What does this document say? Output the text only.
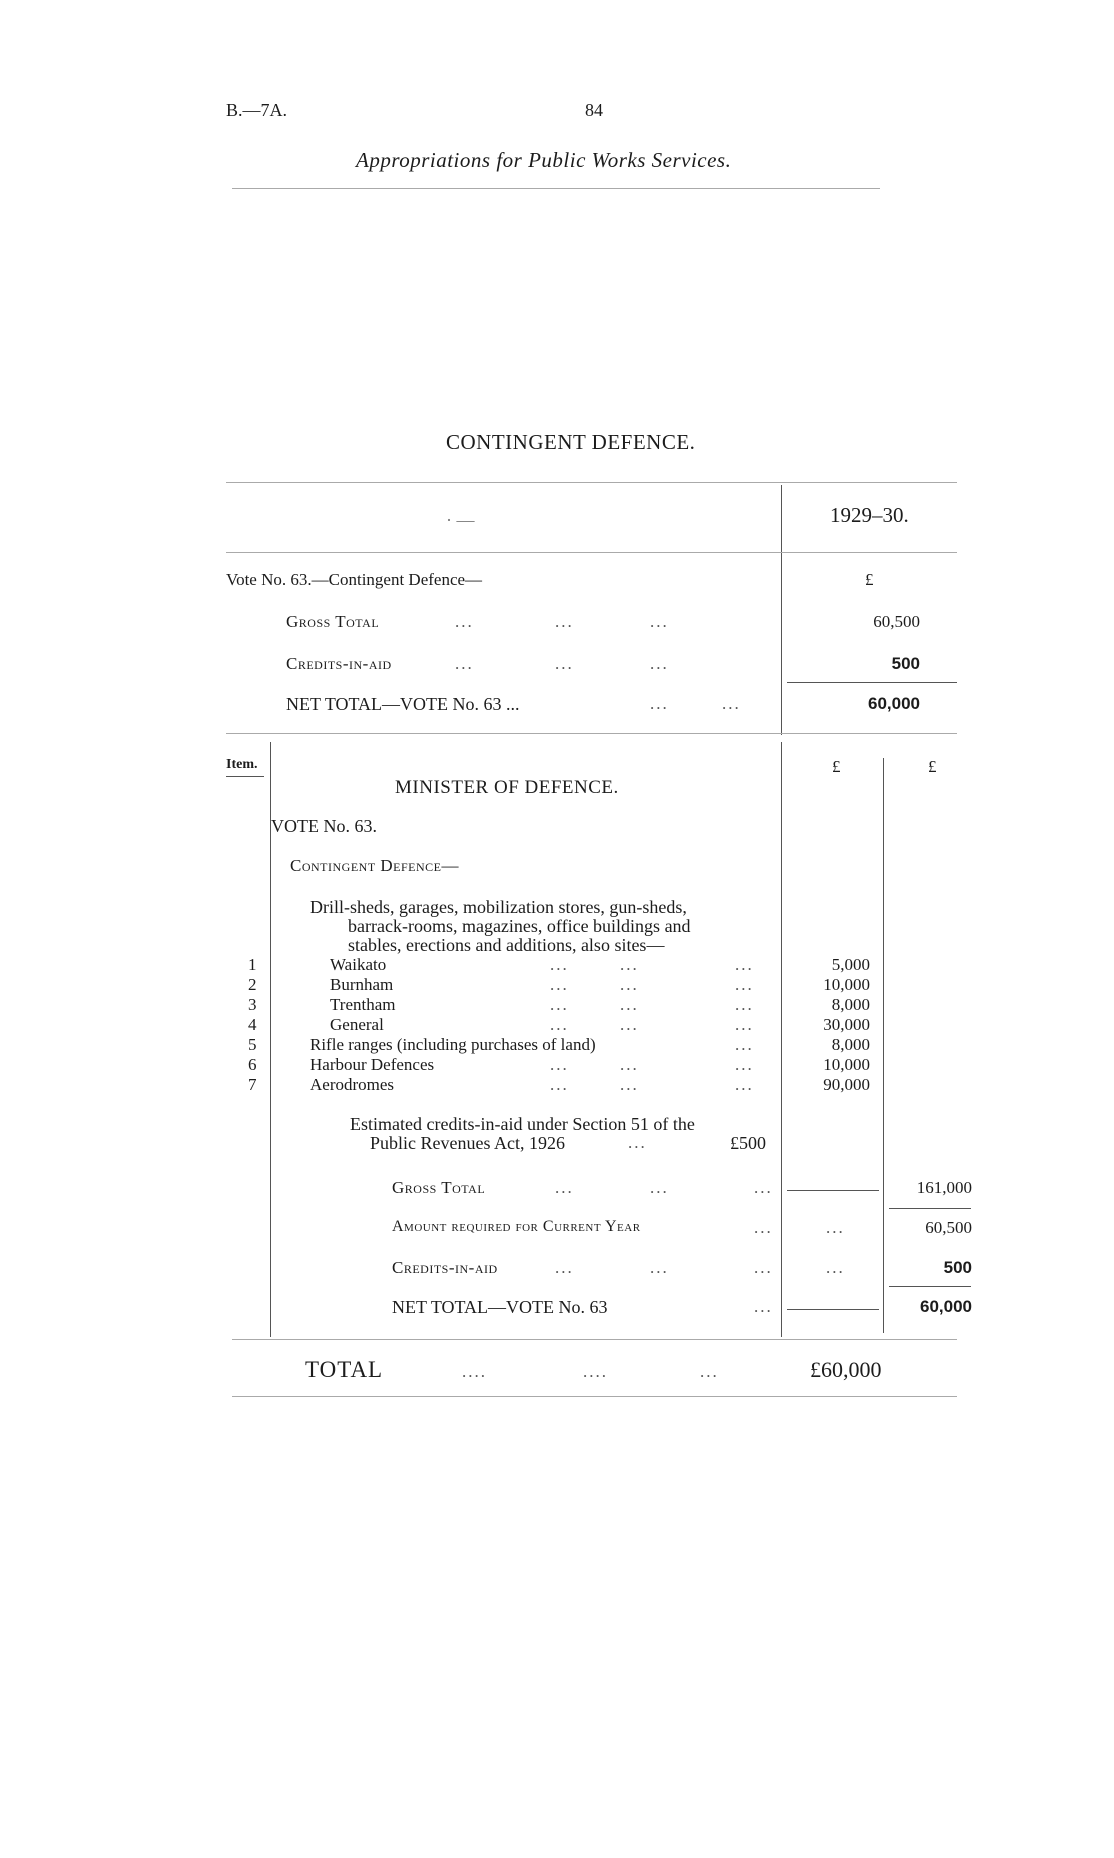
B.—7A.	84
Appropriations for Public Works Services.
CONTINGENT DEFENCE.
· —	1929–30.
Vote No. 63.—Contingent Defence—	£
Gross Total	...	...	...	60,500
Credits-in-aid	...	...	...	500
NET TOTAL—VOTE No. 63 ...	...	...	60,000
Item.	£	£
MINISTER OF DEFENCE.
VOTE No. 63.
Contingent Defence—
Drill-sheds, garages, mobilization stores, gun-sheds,
barrack-rooms, magazines, office buildings and
stables, erections and additions, also sites—
1	Waikato	...	...	...	5,000
2	Burnham	...	...	...	10,000
3	Trentham	...	...	...	8,000
4	General	...	...	...	30,000
5	Rifle ranges (including purchases of land)	...	8,000
6	Harbour Defences	...	...	...	10,000
7	Aerodromes	...	...	...	90,000
Estimated credits-in-aid under Section 51 of the
Public Revenues Act, 1926	...	£500
Gross Total	...	...	...	161,000
Amount required for Current Year	...	...	60,500
Credits-in-aid	...	...	...	...	500
NET TOTAL—VOTE No. 63	...	60,000
TOTAL	....	....	...	£60,000
